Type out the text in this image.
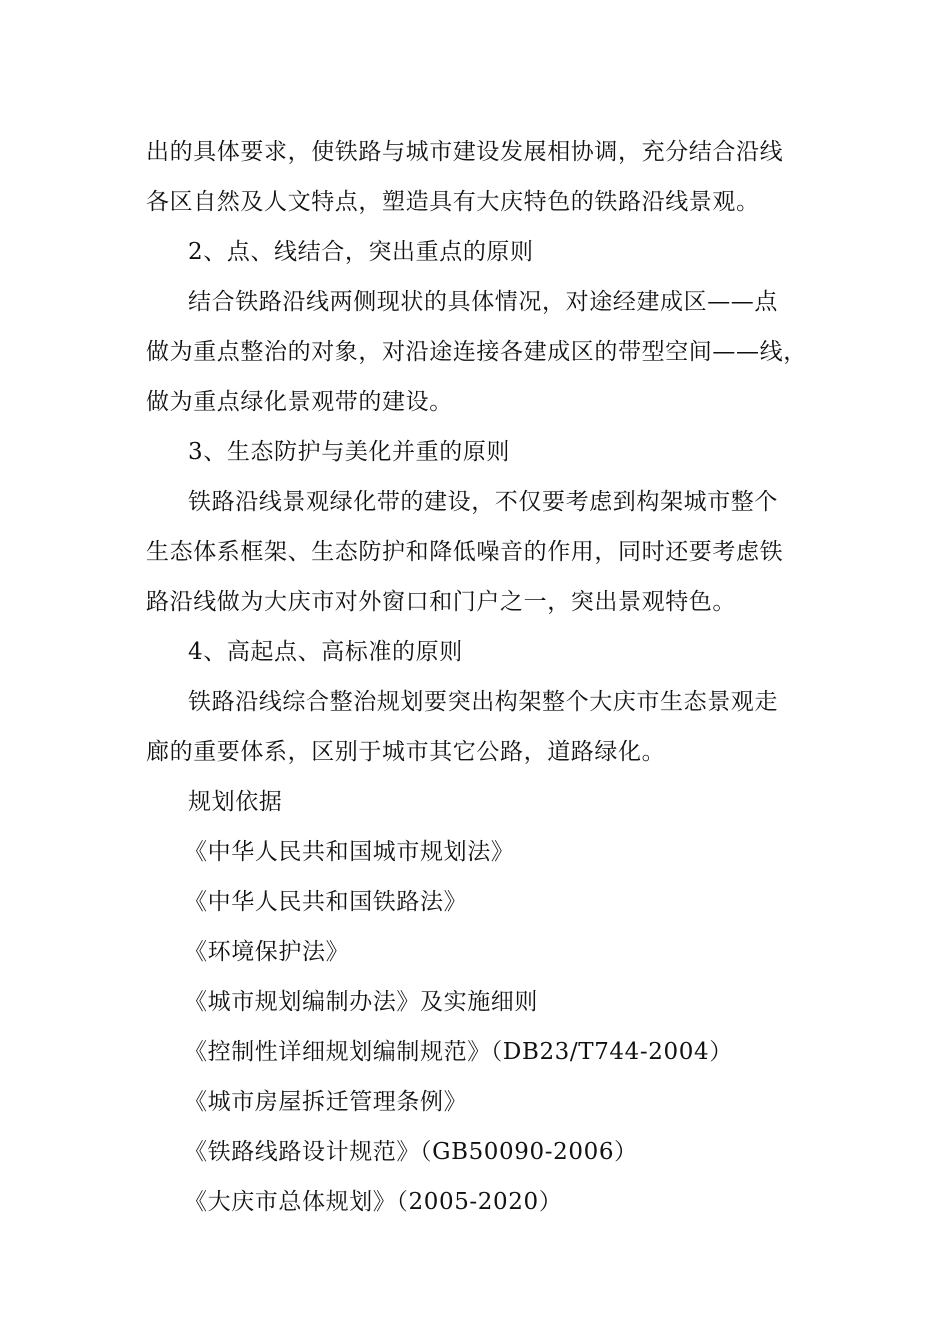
出的具体要求，使铁路与城市建设发展相协调，充分结合沿线
各区自然及人文特点，塑造具有大庆特色的铁路沿线景观。
2、点、线结合，突出重点的原则
结合铁路沿线两侧现状的具体情况，对途经建成区——点
做为重点整治的对象，对沿途连接各建成区的带型空间——线，
做为重点绿化景观带的建设。
3、生态防护与美化并重的原则
铁路沿线景观绿化带的建设，不仅要考虑到构架城市整个
生态体系框架、生态防护和降低噪音的作用，同时还要考虑铁
路沿线做为大庆市对外窗口和门户之一，突出景观特色。
4、高起点、高标准的原则
铁路沿线综合整治规划要突出构架整个大庆市生态景观走
廊的重要体系，区别于城市其它公路，道路绿化。
规划依据
《中华人民共和国城市规划法》
《中华人民共和国铁路法》
《环境保护法》
《城市规划编制办法》及实施细则
《控制性详细规划编制规范》（DB23/T744-2004）
《城市房屋拆迁管理条例》
《铁路线路设计规范》（GB50090-2006）
《大庆市总体规划》（2005-2020）
